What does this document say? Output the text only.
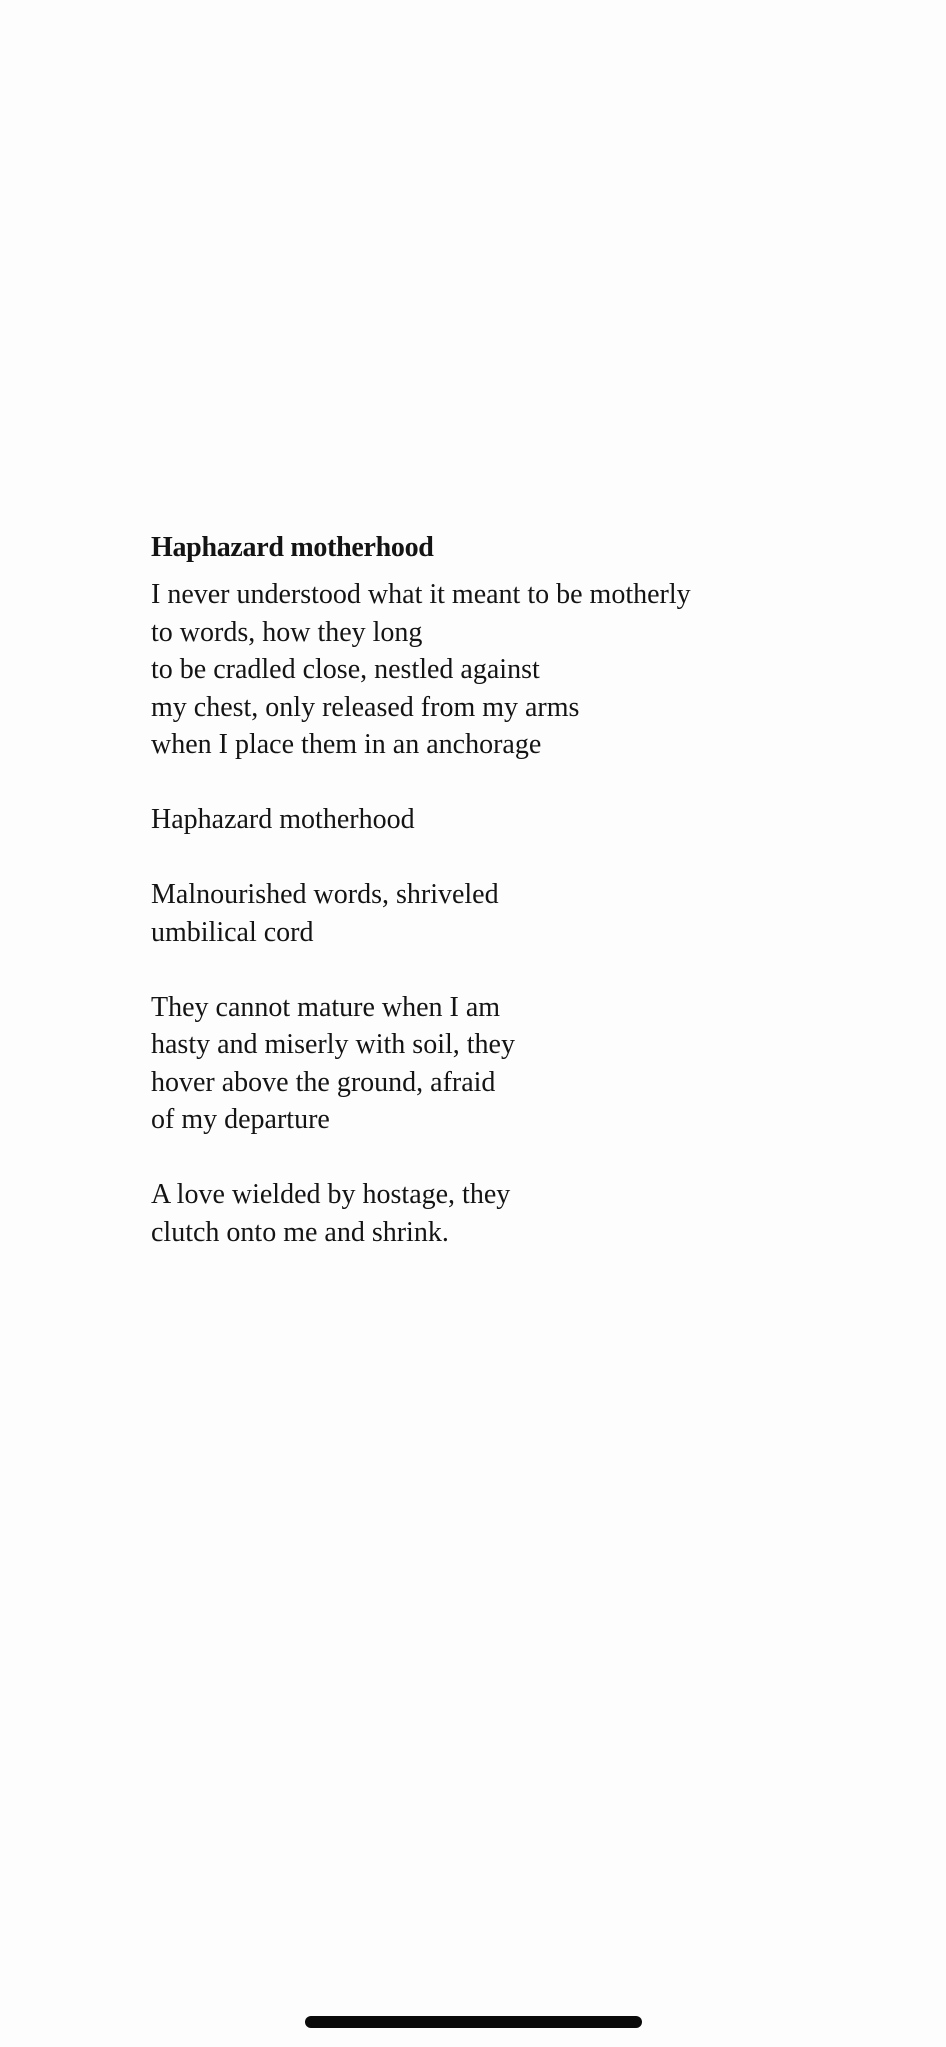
Haphazard motherhood
I never understood what it meant to be motherly
to words, how they long
to be cradled close, nestled against
my chest, only released from my arms
when I place them in an anchorage
Haphazard motherhood
Malnourished words, shriveled
umbilical cord
They cannot mature when I am
hasty and miserly with soil, they
hover above the ground, afraid
of my departure
A love wielded by hostage, they
clutch onto me and shrink.
